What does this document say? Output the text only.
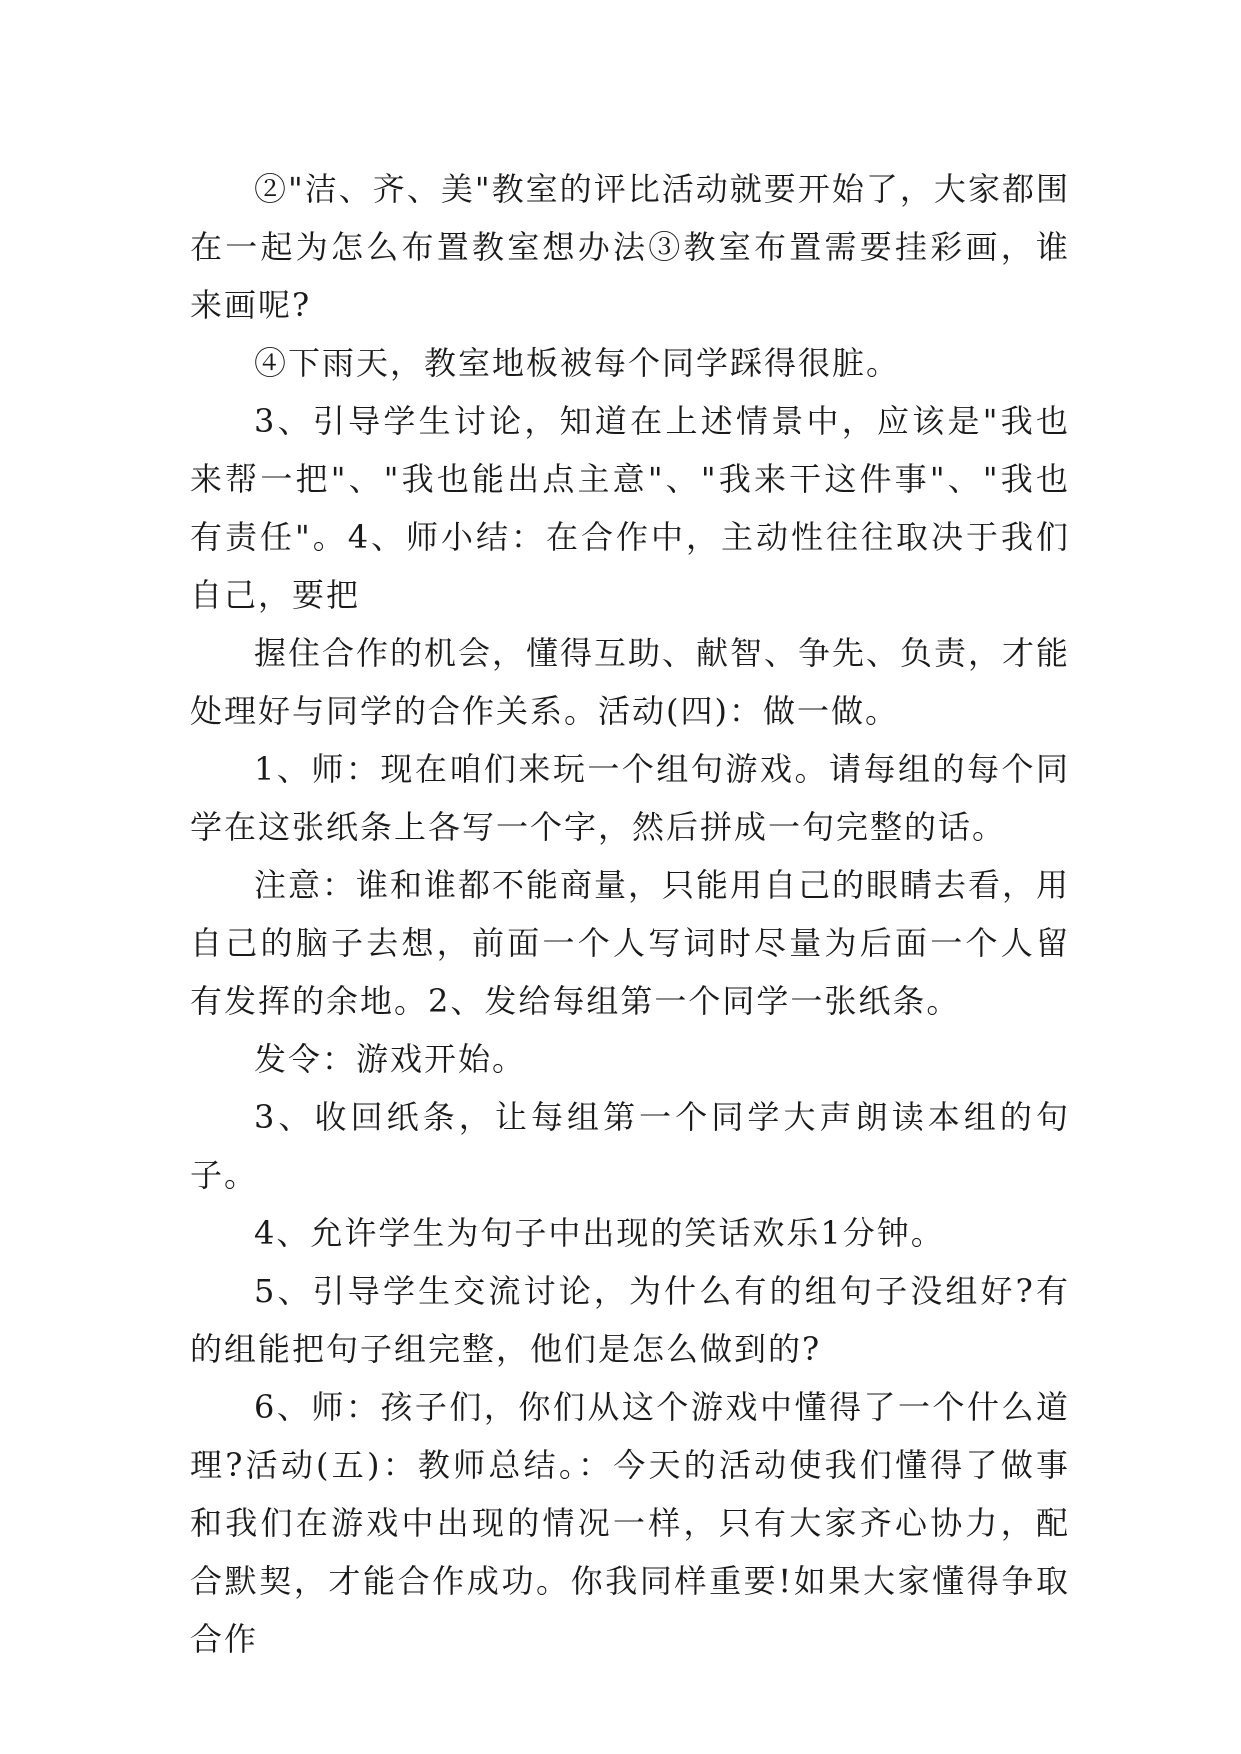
②"洁、齐、美"教室的评比活动就要开始了，大家都围在一起为怎么布置教室想办法③教室布置需要挂彩画，谁来画呢?

④下雨天，教室地板被每个同学踩得很脏。

3、引导学生讨论，知道在上述情景中，应该是"我也来帮一把"、"我也能出点主意"、"我来干这件事"、"我也有责任"。4、师小结：在合作中，主动性往往取决于我们自己，要把

握住合作的机会，懂得互助、献智、争先、负责，才能处理好与同学的合作关系。活动(四)：做一做。

1、师：现在咱们来玩一个组句游戏。请每组的每个同学在这张纸条上各写一个字，然后拼成一句完整的话。

注意：谁和谁都不能商量，只能用自己的眼睛去看，用自己的脑子去想，前面一个人写词时尽量为后面一个人留有发挥的余地。2、发给每组第一个同学一张纸条。

发令：游戏开始。

3、收回纸条，让每组第一个同学大声朗读本组的句子。

4、允许学生为句子中出现的笑话欢乐1分钟。

5、引导学生交流讨论，为什么有的组句子没组好?有的组能把句子组完整，他们是怎么做到的?

6、师：孩子们，你们从这个游戏中懂得了一个什么道理?活动(五)：教师总结。：今天的活动使我们懂得了做事和我们在游戏中出现的情况一样，只有大家齐心协力，配合默契，才能合作成功。你我同样重要!如果大家懂得争取合作
